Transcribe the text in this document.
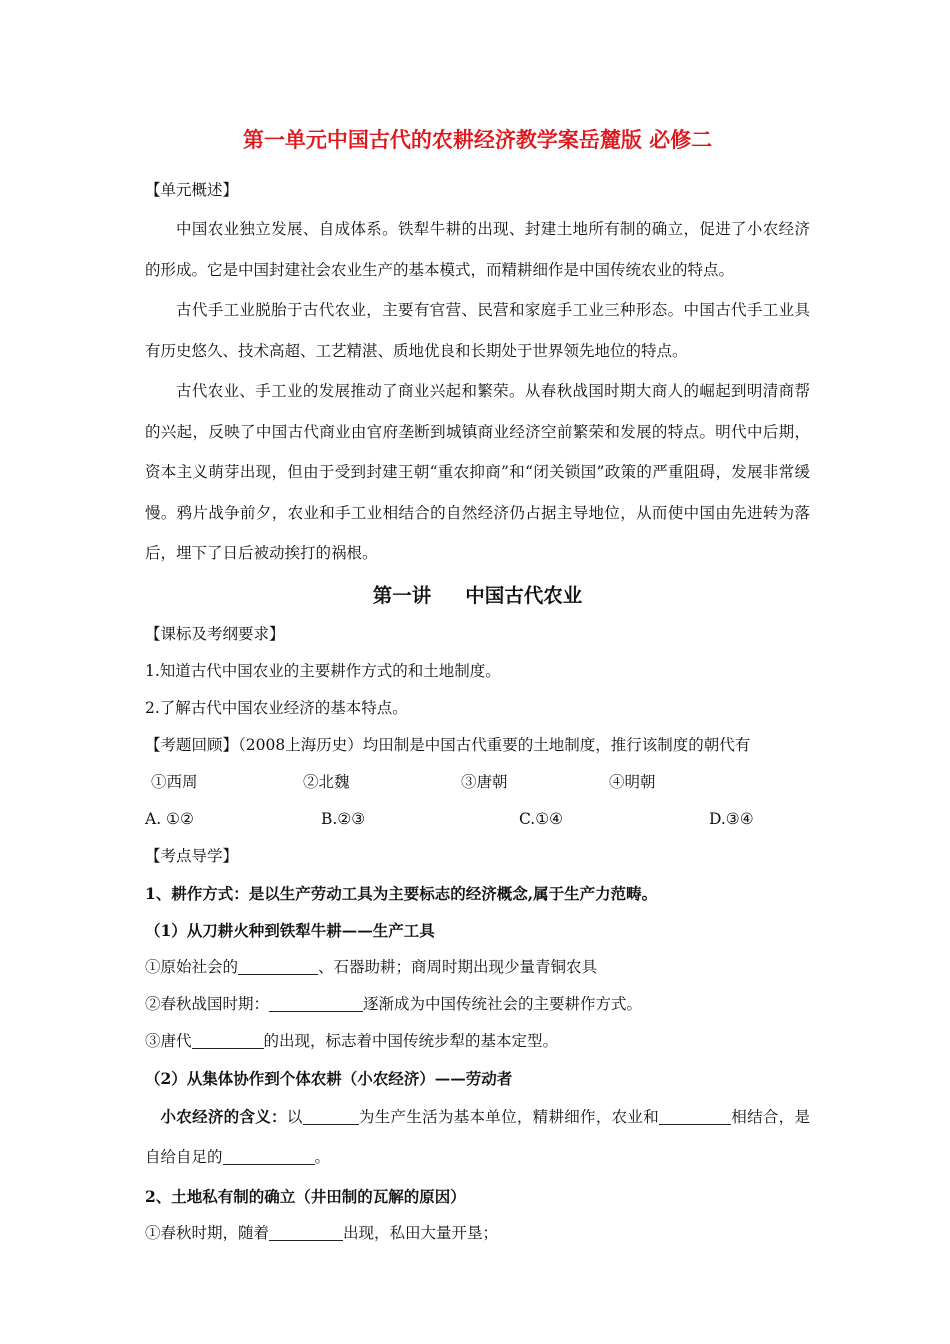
第一单元中国古代的农耕经济教学案岳麓版 必修二
【单元概述】

中国农业独立发展、自成体系。铁犁牛耕的出现、封建土地所有制的确立，促进了小农经济的形成。它是中国封建社会农业生产的基本模式，而精耕细作是中国传统农业的特点。

古代手工业脱胎于古代农业，主要有官营、民营和家庭手工业三种形态。中国古代手工业具有历史悠久、技术高超、工艺精湛、质地优良和长期处于世界领先地位的特点。

古代农业、手工业的发展推动了商业兴起和繁荣。从春秋战国时期大商人的崛起到明清商帮的兴起，反映了中国古代商业由官府垄断到城镇商业经济空前繁荣和发展的特点。明代中后期，资本主义萌芽出现，但由于受到封建王朝“重农抑商”和“闭关锁国”政策的严重阻碍，发展非常缓慢。鸦片战争前夕，农业和手工业相结合的自然经济仍占据主导地位，从而使中国由先进转为落后，埋下了日后被动挨打的祸根。

第一讲     中国古代农业
【课标及考纲要求】
1.知道古代中国农业的主要耕作方式的和土地制度。
2.了解古代中国农业经济的基本特点。
【考题回顾】（2008上海历史）均田制是中国古代重要的土地制度，推行该制度的朝代有
①西周	②北魏	③唐朝	④明朝
A. ①②	B.②③	C.①④	D.③④
【考点导学】
1、耕作方式：是以生产劳动工具为主要标志的经济概念,属于生产力范畴。
（1）从刀耕火种到铁犁牛耕——生产工具
①原始社会的	、石器助耕；商周时期出现少量青铜农具
②春秋战国时期：	逐渐成为中国传统社会的主要耕作方式。
③唐代	的出现，标志着中国传统步犁的基本定型。
（2）从集体协作到个体农耕（小农经济）——劳动者

小农经济的含义：以	为生产生活为基本单位，精耕细作，农业和	相结合，是自给自足的	。

2、土地私有制的确立（井田制的瓦解的原因）
①春秋时期，随着	出现，私田大量开垦；
